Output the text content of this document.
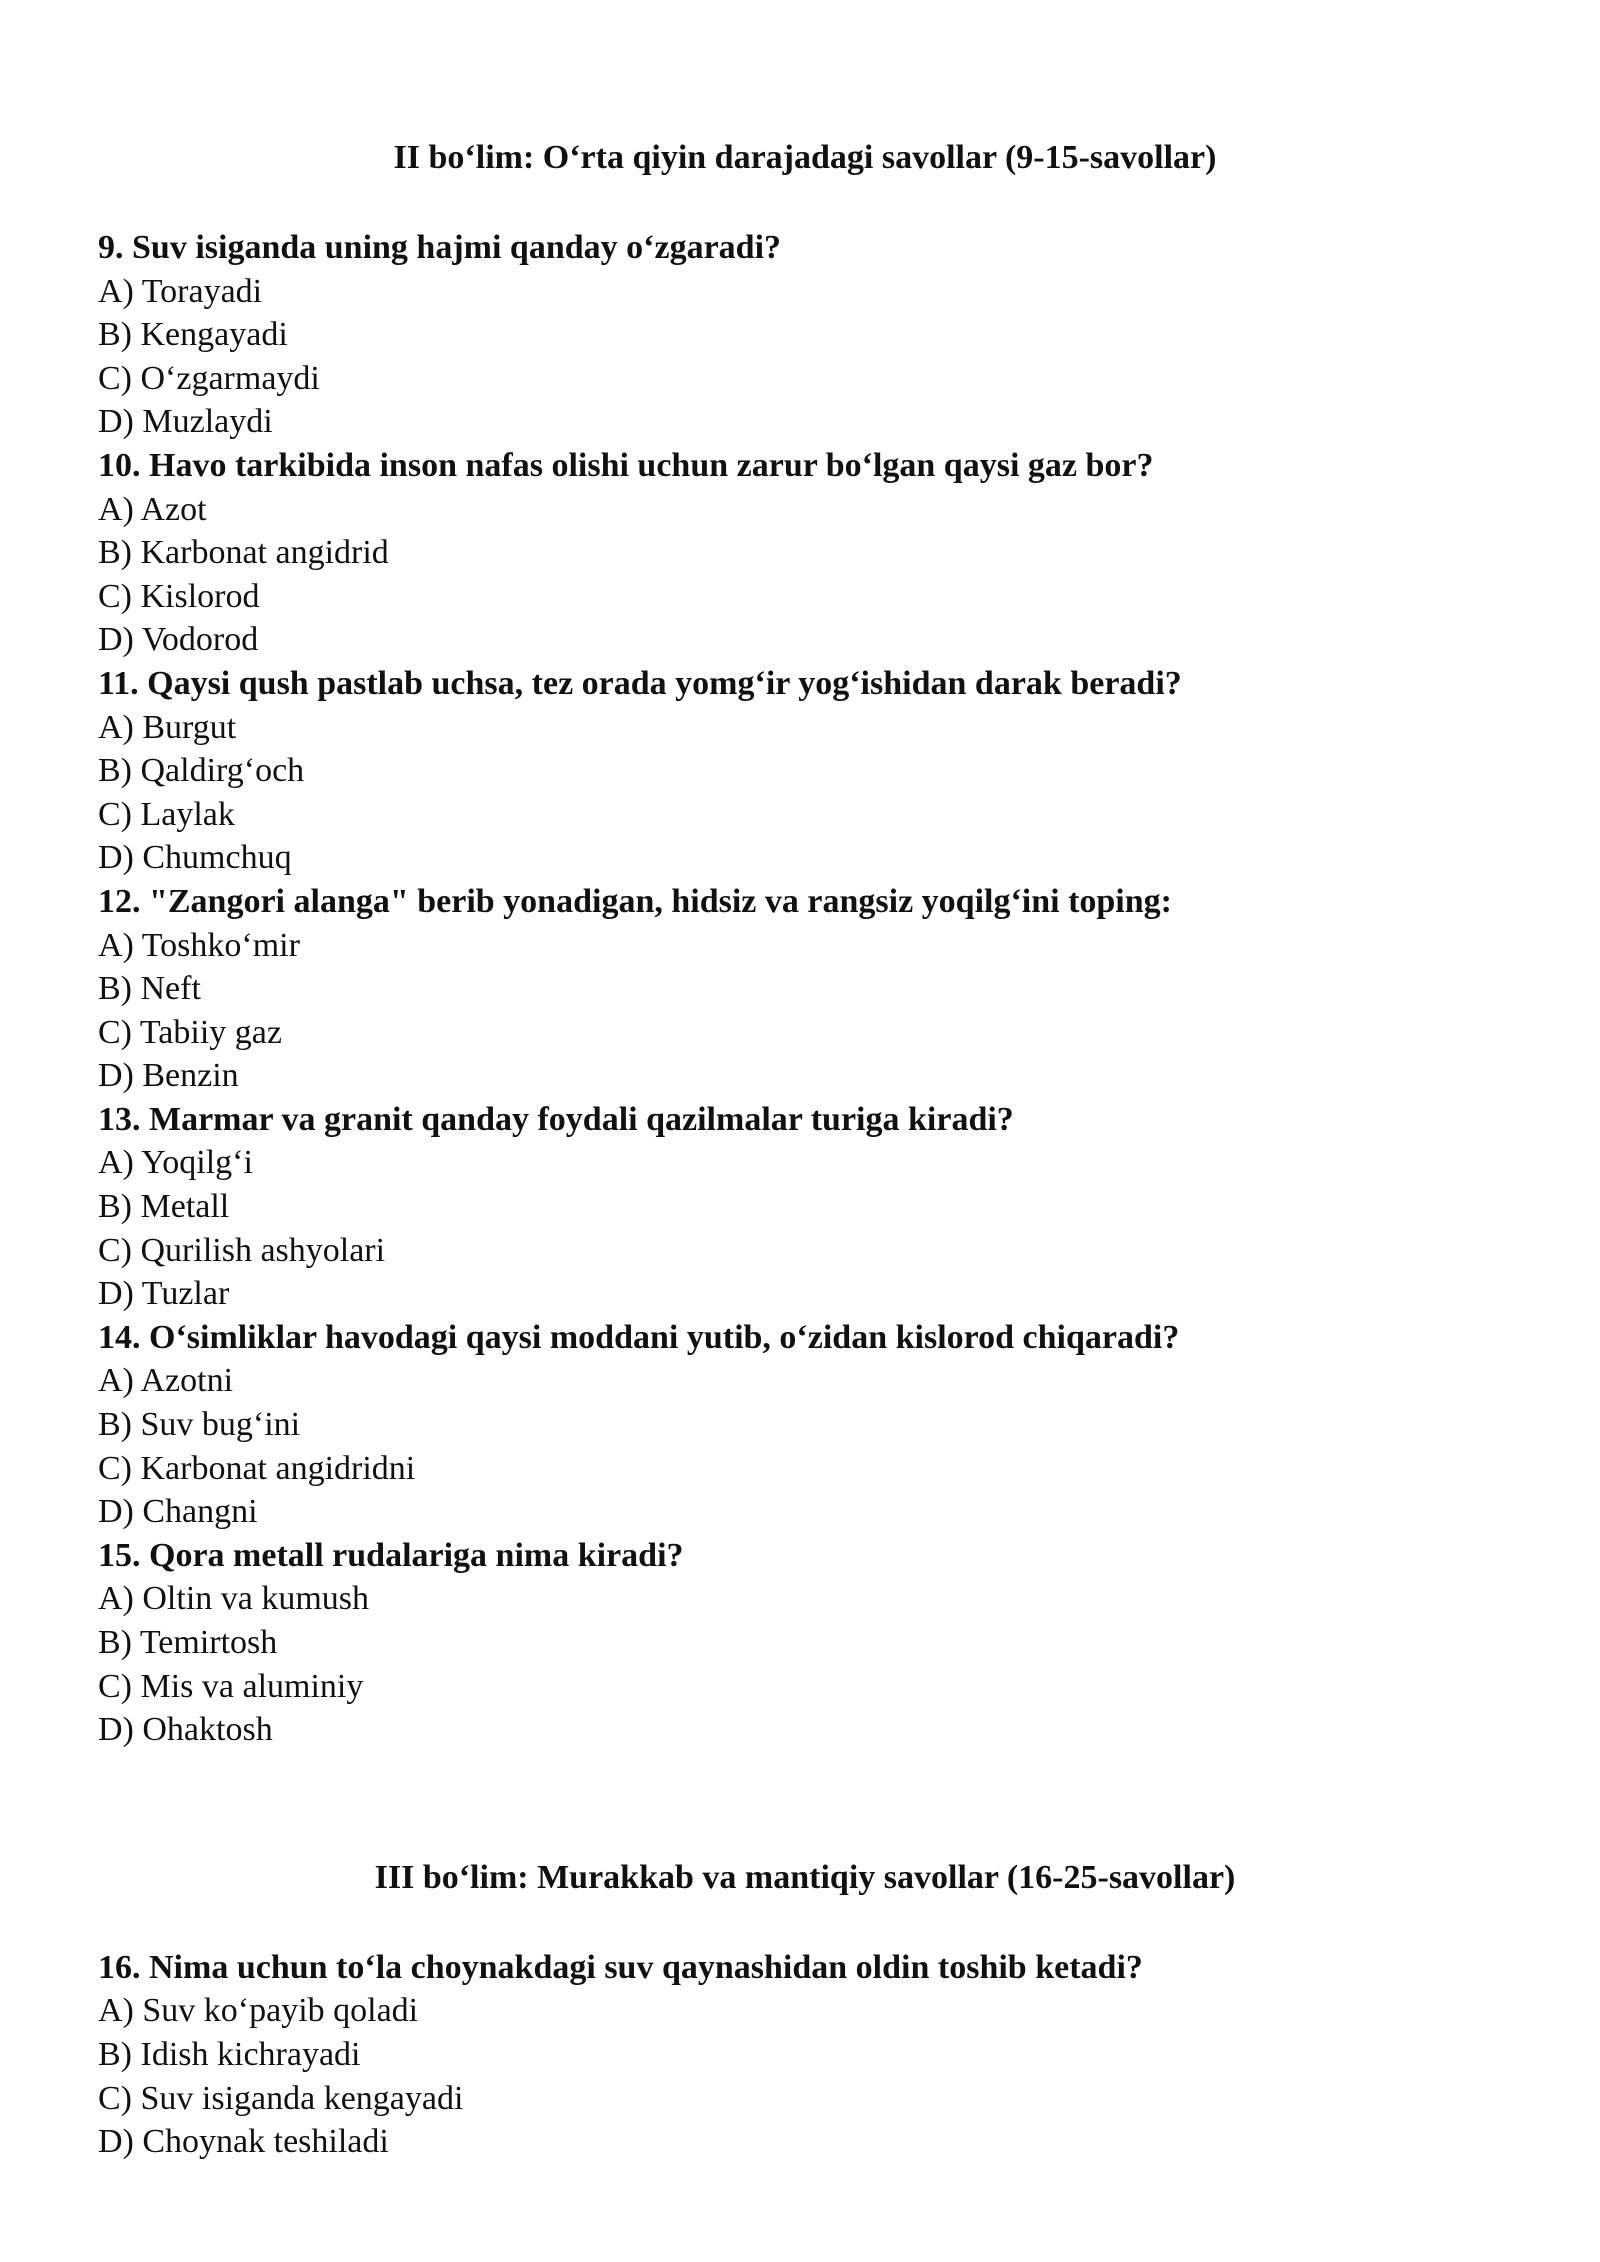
II bo‘lim: O‘rta qiyin darajadagi savollar (9-15-savollar)

9. Suv isiganda uning hajmi qanday o‘zgaradi?

A) Torayadi

B) Kengayadi

C) O‘zgarmaydi

D) Muzlaydi

10. Havo tarkibida inson nafas olishi uchun zarur bo‘lgan qaysi gaz bor?

A) Azot

B) Karbonat angidrid

C) Kislorod

D) Vodorod

11. Qaysi qush pastlab uchsa, tez orada yomg‘ir yog‘ishidan darak beradi?

A) Burgut

B) Qaldirg‘och

C) Laylak

D) Chumchuq

12. "Zangori alanga" berib yonadigan, hidsiz va rangsiz yoqilg‘ini toping:

A) Toshko‘mir

B) Neft

C) Tabiiy gaz

D) Benzin

13. Marmar va granit qanday foydali qazilmalar turiga kiradi?

A) Yoqilg‘i

B) Metall

C) Qurilish ashyolari

D) Tuzlar

14. O‘simliklar havodagi qaysi moddani yutib, o‘zidan kislorod chiqaradi?

A) Azotni

B) Suv bug‘ini

C) Karbonat angidridni

D) Changni

15. Qora metall rudalariga nima kiradi?

A) Oltin va kumush

B) Temirtosh

C) Mis va aluminiy

D) Ohaktosh

III bo‘lim: Murakkab va mantiqiy savollar (16-25-savollar)

16. Nima uchun to‘la choynakdagi suv qaynashidan oldin toshib ketadi?

A) Suv ko‘payib qoladi

B) Idish kichrayadi

C) Suv isiganda kengayadi

D) Choynak teshiladi
